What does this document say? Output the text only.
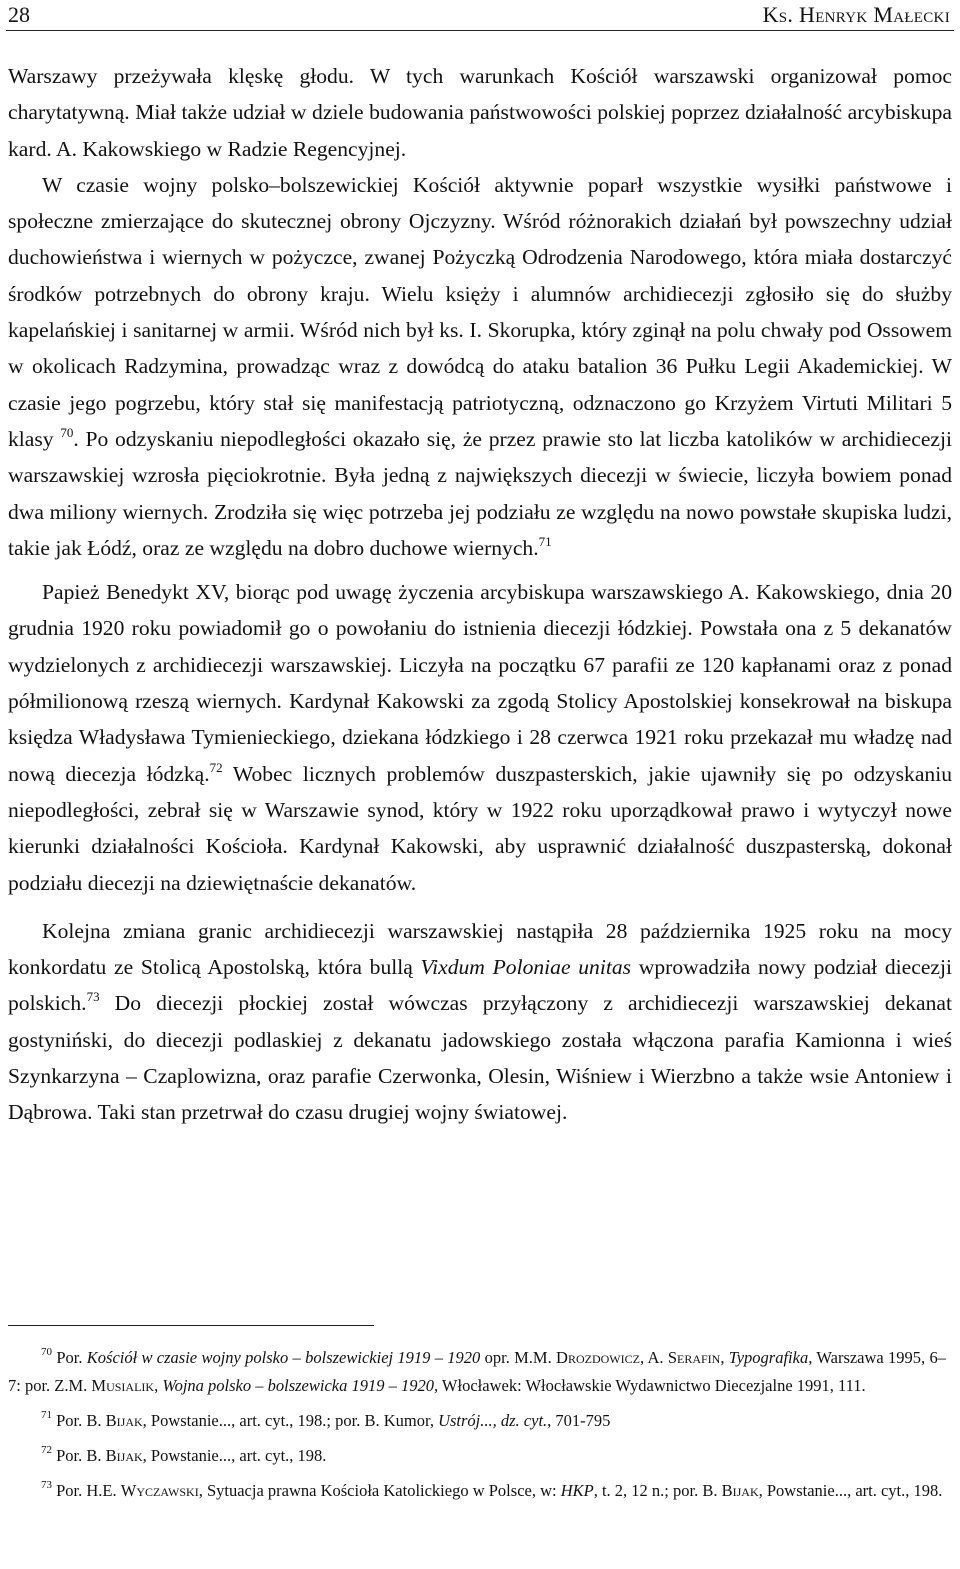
28	Ks. Henryk Małecki

Warszawy przeżywała klęskę głodu. W tych warunkach Kościół warszawski organizował pomoc charytatywną. Miał także udział w dziele budowania państwowości polskiej poprzez działalność arcybiskupa kard. A. Kakowskiego w Radzie Regencyjnej.

W czasie wojny polsko–bolszewickiej Kościół aktywnie poparł wszystkie wysiłki państwowe i społeczne zmierzające do skutecznej obrony Ojczyzny. Wśród różnorakich działań był powszechny udział duchowieństwa i wiernych w pożyczce, zwanej Pożyczką Odrodzenia Narodowego, która miała dostarczyć środków potrzebnych do obrony kraju. Wielu księży i alumnów archidiecezji zgłosiło się do służby kapelańskiej i sanitarnej w armii. Wśród nich był ks. I. Skorupka, który zginął na polu chwały pod Ossowem w okolicach Radzymina, prowadząc wraz z dowódcą do ataku batalion 36 Pułku Legii Akademickiej. W czasie jego pogrzebu, który stał się manifestacją patriotyczną, odznaczono go Krzyżem Virtuti Militari 5 klasy $^{70}$. Po odzyskaniu niepodległości okazało się, że przez prawie sto lat liczba katolików w archidiecezji warszawskiej wzrosła pięciokrotnie. Była jedną z największych diecezji w świecie, liczyła bowiem ponad dwa miliony wiernych. Zrodziła się więc potrzeba jej podziału ze względu na nowo powstałe skupiska ludzi, takie jak Łódź, oraz ze względu na dobro duchowe wiernych.$^{71}$

Papież Benedykt XV, biorąc pod uwagę życzenia arcybiskupa warszawskiego A. Kakowskiego, dnia 20 grudnia 1920 roku powiadomił go o powołaniu do istnienia diecezji łódzkiej. Powstała ona z 5 dekanatów wydzielonych z archidiecezji warszawskiej. Liczyła na początku 67 parafii ze 120 kapłanami oraz z ponad półmilionową rzeszą wiernych. Kardynał Kakowski za zgodą Stolicy Apostolskiej konsekrował na biskupa księdza Władysława Tymienieckiego, dziekana łódzkiego i 28 czerwca 1921 roku przekazał mu władzę nad nową diecezja łódzką.$^{72}$ Wobec licznych problemów duszpasterskich, jakie ujawniły się po odzyskaniu niepodległości, zebrał się w Warszawie synod, który w 1922 roku uporządkował prawo i wytyczył nowe kierunki działalności Kościoła. Kardynał Kakowski, aby usprawnić działalność duszpasterską, dokonał podziału diecezji na dziewiętnaście dekanatów.

Kolejna zmiana granic archidiecezji warszawskiej nastąpiła 28 października 1925 roku na mocy konkordatu ze Stolicą Apostolską, która bullą Vixdum Poloniae unitas wprowadziła nowy podział diecezji polskich.$^{73}$ Do diecezji płockiej został wówczas przyłączony z archidiecezji warszawskiej dekanat gostyniński, do diecezji podlaskiej z dekanatu jadowskiego została włączona parafia Kamionna i wieś Szynkarzyna – Czaplowizna, oraz parafie Czerwonka, Olesin, Wiśniew i Wierzbno a także wsie Antoniew i Dąbrowa. Taki stan przetrwał do czasu drugiej wojny światowej.

$^{70}$ Por. Kościół w czasie wojny polsko – bolszewickiej 1919 – 1920 opr. M.M. Drozdowicz, A. Serafin, Typografika, Warszawa 1995, 6–7: por. Z.M. Musialik, Wojna polsko – bolszewicka 1919 – 1920, Włocławek: Włocławskie Wydawnictwo Diecezjalne 1991, 111.

$^{71}$ Por. B. Bijak, Powstanie..., art. cyt., 198.; por. B. Kumor, Ustrój..., dz. cyt., 701-795

$^{72}$ Por. B. Bijak, Powstanie..., art. cyt., 198.

$^{73}$ Por. H.E. Wyczawski, Sytuacja prawna Kościoła Katolickiego w Polsce, w: HKP, t. 2, 12 n.; por. B. Bijak, Powstanie..., art. cyt., 198.
